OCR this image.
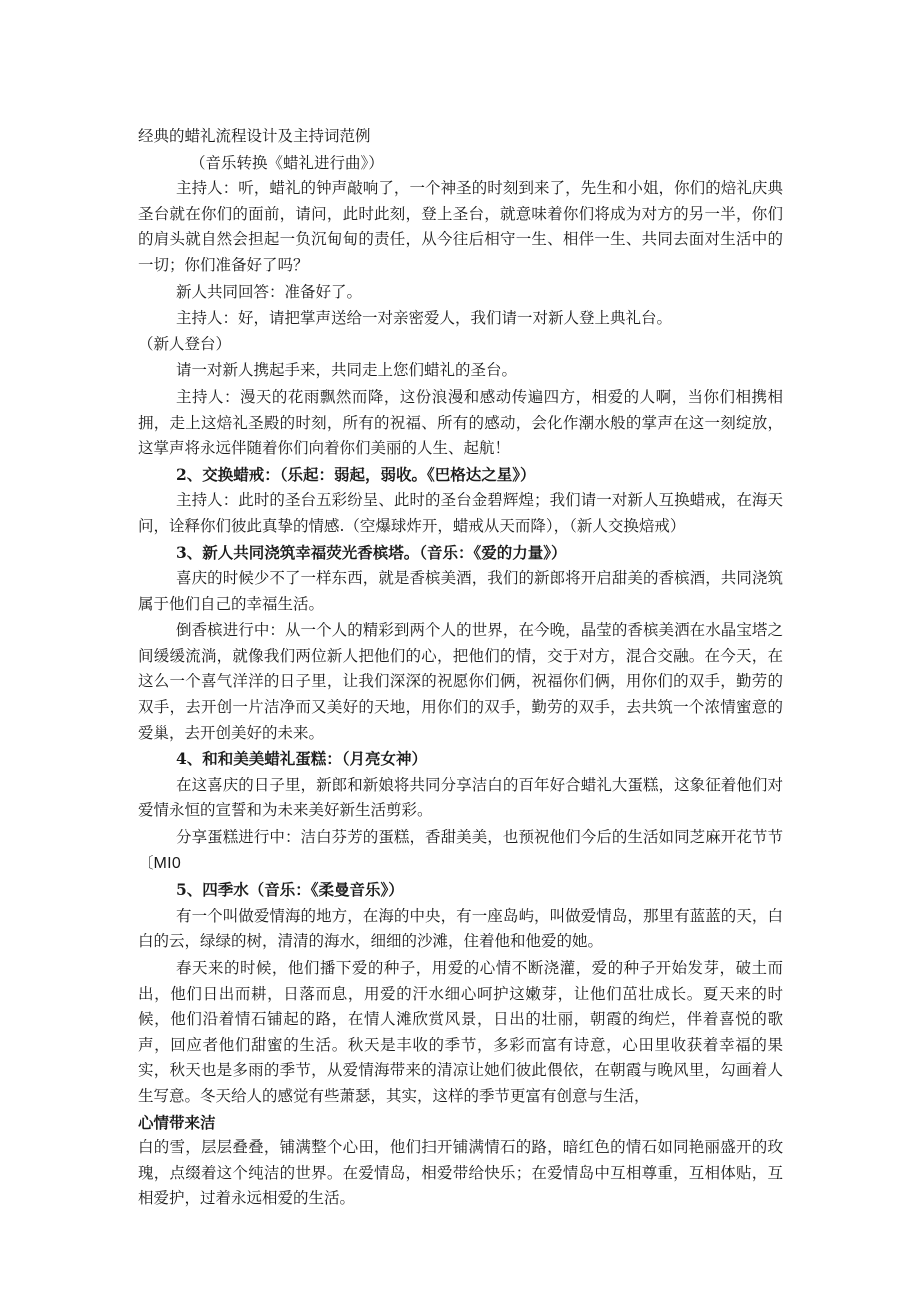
经典的蜡礼流程设计及主持词范例

（音乐转换《蜡礼进行曲》）

主持人：听，蜡礼的钟声敲响了，一个神圣的时刻到来了，先生和小姐，你们的焙礼庆典圣台就在你们的面前，请问，此时此刻，登上圣台，就意味着你们将成为对方的另一半，你们的肩头就自然会担起一负沉甸甸的责任，从今往后相守一生、相伴一生、共同去面对生活中的一切；你们准备好了吗？

新人共同回答：准备好了。

主持人：好，请把掌声送给一对亲密爱人，我们请一对新人登上典礼台。

（新人登台）

请一对新人携起手来，共同走上您们蜡礼的圣台。

主持人：漫天的花雨飘然而降，这份浪漫和感动传遍四方，相爱的人啊，当你们相携相拥，走上这焙礼圣殿的时刻，所有的祝福、所有的感动，会化作潮水般的掌声在这一刻绽放，这掌声将永远伴随着你们向着你们美丽的人生、起航！

2、交换蜡戒：（乐起：弱起，弱收。《巴格达之星》）

主持人：此时的圣台五彩纷呈、此时的圣台金碧辉煌；我们请一对新人互换蜡戒，在海天问，诠释你们彼此真挚的情感.（空爆球炸开，蜡戒从天而降），（新人交换焙戒）

3、新人共同浇筑幸福荧光香槟塔。（音乐：《爱的力量》）

喜庆的时候少不了一样东西，就是香槟美酒，我们的新郎将开启甜美的香槟酒，共同浇筑属于他们自己的幸福生活。

倒香槟进行中：从一个人的精彩到两个人的世界，在今晚，晶莹的香槟美洒在水晶宝塔之间缓缓流淌，就像我们两位新人把他们的心，把他们的情，交于对方，混合交融。在今天，在这么一个喜气洋洋的日子里，让我们深深的祝愿你们俩，祝福你们俩，用你们的双手，勤劳的双手，去开创一片洁净而又美好的天地，用你们的双手，勤劳的双手，去共筑一个浓情蜜意的爱巢，去开创美好的未来。

4、和和美美蜡礼蛋糕：（月亮女神）

在这喜庆的日子里，新郎和新娘将共同分享洁白的百年好合蜡礼大蛋糕，这象征着他们对爱情永恒的宣誓和为未来美好新生活剪彩。

分享蛋糕进行中：洁白芬芳的蛋糕，香甜美美，也预祝他们今后的生活如同芝麻开花节节〔MI0

5、四季水（音乐：《柔曼音乐》）

有一个叫做爱情海的地方，在海的中央，有一座岛屿，叫做爱情岛，那里有蓝蓝的天，白白的云，绿绿的树，清清的海水，细细的沙滩，住着他和他爱的她。

春天来的时候，他们播下爱的种子，用爱的心情不断浇灌，爱的种子开始发芽，破土而出，他们日出而耕，日落而息，用爱的汗水细心呵护这嫩芽，让他们茁壮成长。夏天来的时候，他们沿着情石铺起的路，在情人滩欣赏风景，日出的壮丽，朝霞的绚烂，伴着喜悦的歌声，回应者他们甜蜜的生活。秋天是丰收的季节，多彩而富有诗意，心田里收获着幸福的果实，秋天也是多雨的季节，从爱情海带来的清凉让她们彼此偎依，在朝霞与晚风里，勾画着人生写意。冬天给人的感觉有些萧瑟，其实，这样的季节更富有创意与生活，

心情带来洁

白的雪，层层叠叠，铺满整个心田，他们扫开铺满情石的路，暗红色的情石如同艳丽盛开的玫瑰，点缀着这个纯洁的世界。在爱情岛，相爱带给快乐；在爱情岛中互相尊重，互相体贴，互相爱护，过着永远相爱的生活。
